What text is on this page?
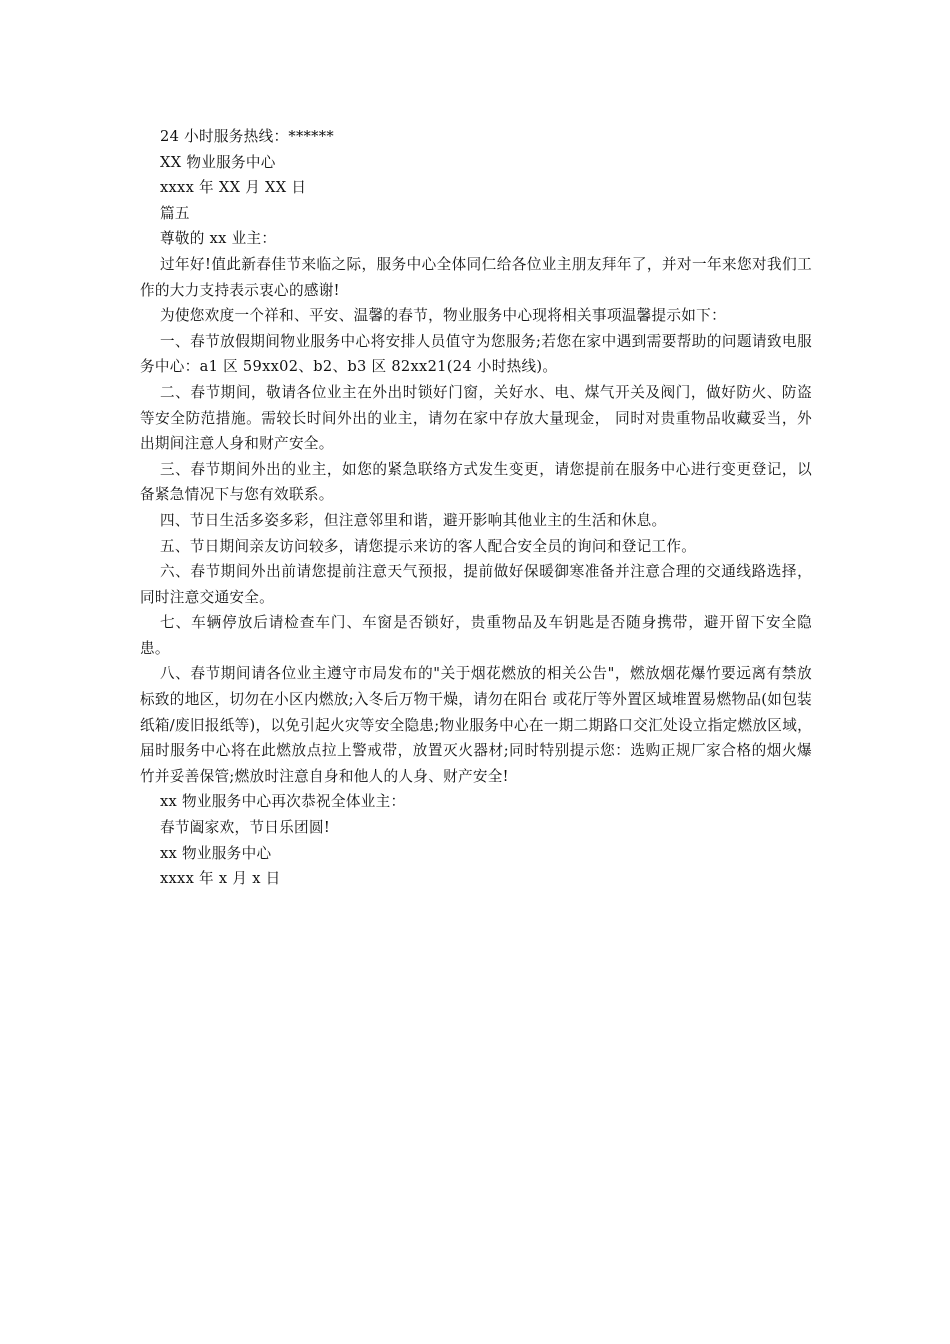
24 小时服务热线：******

XX 物业服务中心

xxxx 年 XX 月 XX 日

篇五

尊敬的 xx 业主：

过年好!值此新春佳节来临之际，服务中心全体同仁给各位业主朋友拜年了，并对一年来您对我们工作的大力支持表示衷心的感谢!

为使您欢度一个祥和、平安、温馨的春节，物业服务中心现将相关事项温馨提示如下：

一、春节放假期间物业服务中心将安排人员值守为您服务;若您在家中遇到需要帮助的问题请致电服务中心：a1 区 59xx02、b2、b3 区 82xx21(24 小时热线)。

二、春节期间，敬请各位业主在外出时锁好门窗，关好水、电、煤气开关及阀门，做好防火、防盗等安全防范措施。需较长时间外出的业主，请勿在家中存放大量现金， 同时对贵重物品收藏妥当，外出期间注意人身和财产安全。

三、春节期间外出的业主，如您的紧急联络方式发生变更，请您提前在服务中心进行变更登记，以备紧急情况下与您有效联系。

四、节日生活多姿多彩，但注意邻里和谐，避开影响其他业主的生活和休息。

五、节日期间亲友访问较多，请您提示来访的客人配合安全员的询问和登记工作。

六、春节期间外出前请您提前注意天气预报，提前做好保暖御寒准备并注意合理的交通线路选择，同时注意交通安全。

七、车辆停放后请检查车门、车窗是否锁好，贵重物品及车钥匙是否随身携带，避开留下安全隐患。

八、春节期间请各位业主遵守市局发布的"关于烟花燃放的相关公告"，燃放烟花爆竹要远离有禁放标致的地区，切勿在小区内燃放;入冬后万物干燥，请勿在阳台 或花厅等外置区域堆置易燃物品(如包装纸箱/废旧报纸等)，以免引起火灾等安全隐患;物业服务中心在一期二期路口交汇处设立指定燃放区域，届时服务中心将在此燃放点拉上警戒带，放置灭火器材;同时特别提示您：选购正规厂家合格的烟火爆竹并妥善保管;燃放时注意自身和他人的人身、财产安全!

xx 物业服务中心再次恭祝全体业主：

春节阖家欢，节日乐团圆!

xx 物业服务中心

xxxx 年 x 月 x 日
